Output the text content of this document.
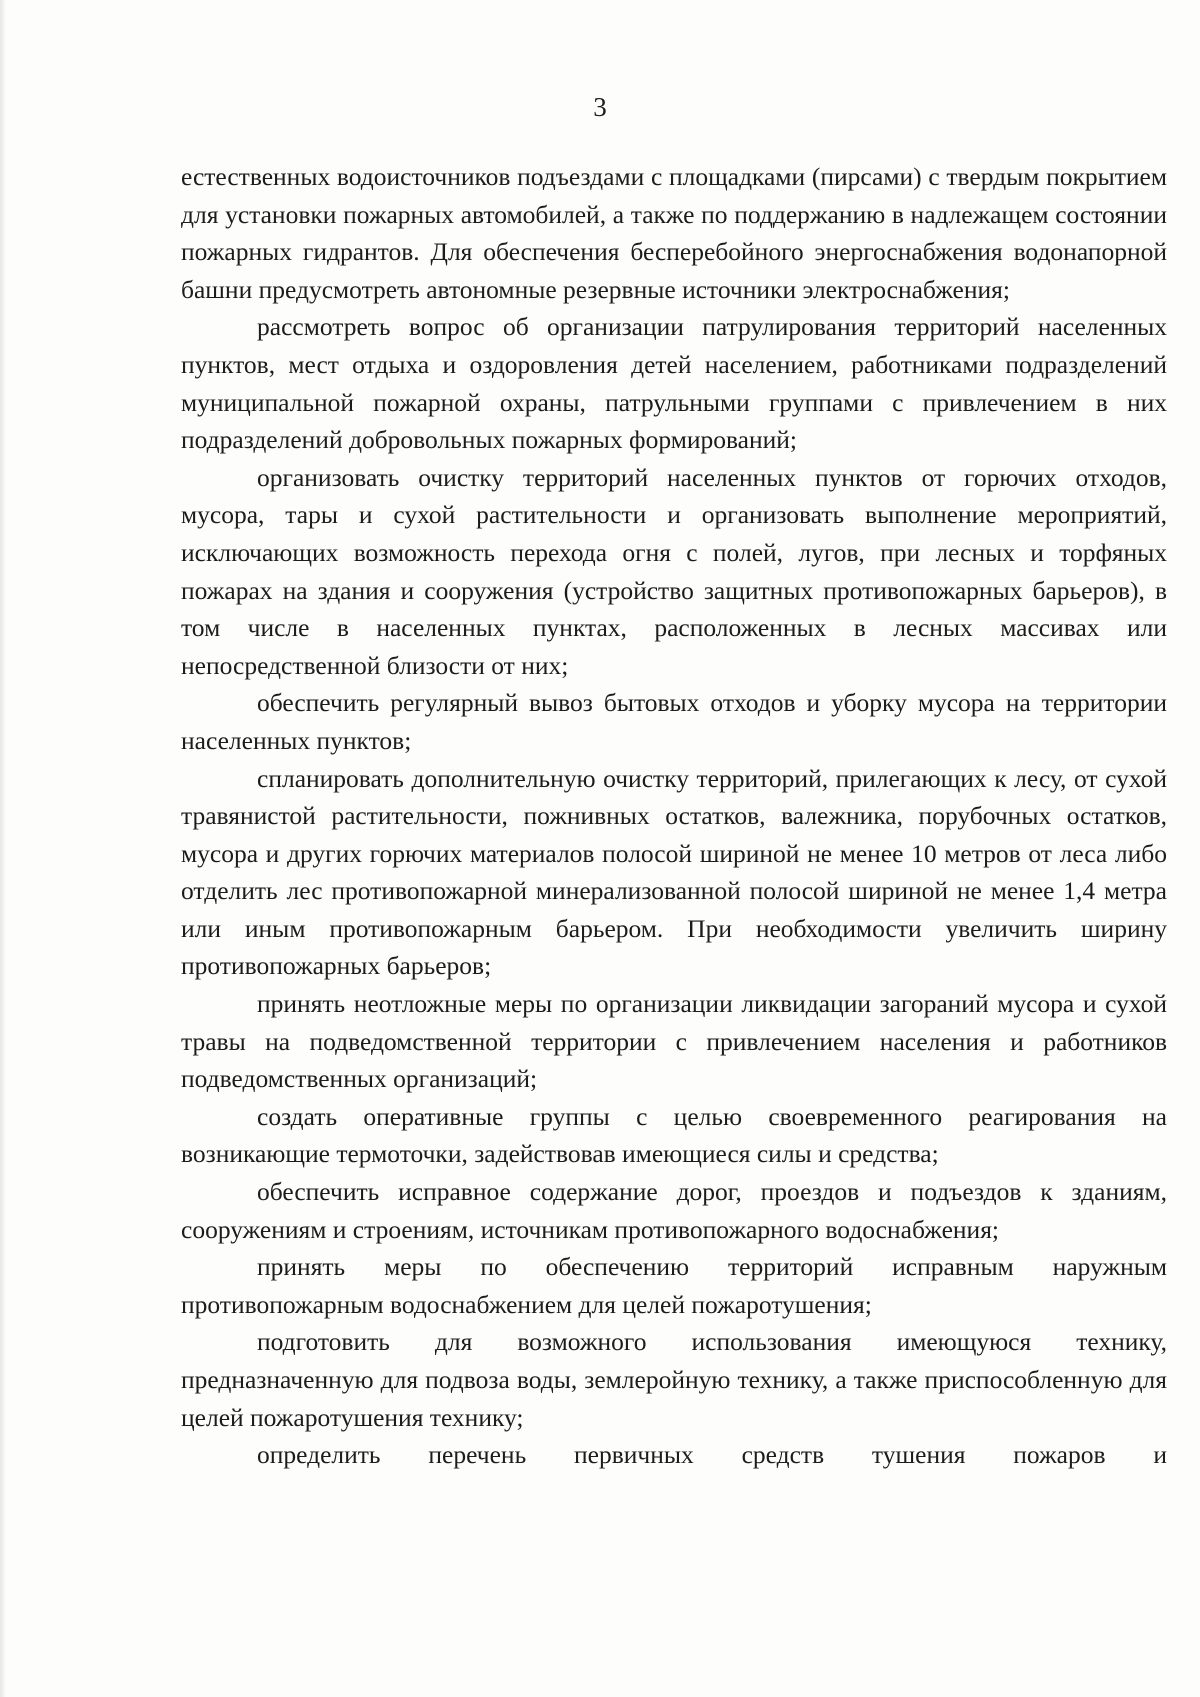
3

естественных водоисточников подъездами с площадками (пирсами) с твердым покрытием для установки пожарных автомобилей, а также по поддержанию в надлежащем состоянии пожарных гидрантов. Для обеспечения бесперебойного энергоснабжения водонапорной башни предусмотреть автономные резервные источники электроснабжения;

рассмотреть вопрос об организации патрулирования территорий населенных пунктов, мест отдыха и оздоровления детей населением, работниками подразделений муниципальной пожарной охраны, патрульными группами с привлечением в них подразделений добровольных пожарных формирований;

организовать очистку территорий населенных пунктов от горючих отходов, мусора, тары и сухой растительности и организовать выполнение мероприятий, исключающих возможность перехода огня с полей, лугов, при лесных и торфяных пожарах на здания и сооружения (устройство защитных противопожарных барьеров), в том числе в населенных пунктах, расположенных в лесных массивах или непосредственной близости от них;

обеспечить регулярный вывоз бытовых отходов и уборку мусора на территории населенных пунктов;

спланировать дополнительную очистку территорий, прилегающих к лесу, от сухой травянистой растительности, пожнивных остатков, валежника, порубочных остатков, мусора и других горючих материалов полосой шириной не менее 10 метров от леса либо отделить лес противопожарной минерализованной полосой шириной не менее 1,4 метра или иным противопожарным барьером. При необходимости увеличить ширину противопожарных барьеров;

принять неотложные меры по организации ликвидации загораний мусора и сухой травы на подведомственной территории с привлечением населения и работников подведомственных организаций;

создать оперативные группы с целью своевременного реагирования на возникающие термоточки, задействовав имеющиеся силы и средства;

обеспечить исправное содержание дорог, проездов и подъездов к зданиям, сооружениям и строениям, источникам противопожарного водоснабжения;

принять меры по обеспечению территорий исправным наружным противопожарным водоснабжением для целей пожаротушения;

подготовить для возможного использования имеющуюся технику, предназначенную для подвоза воды, землеройную технику, а также приспособленную для целей пожаротушения технику;

определить перечень первичных средств тушения пожаров и
